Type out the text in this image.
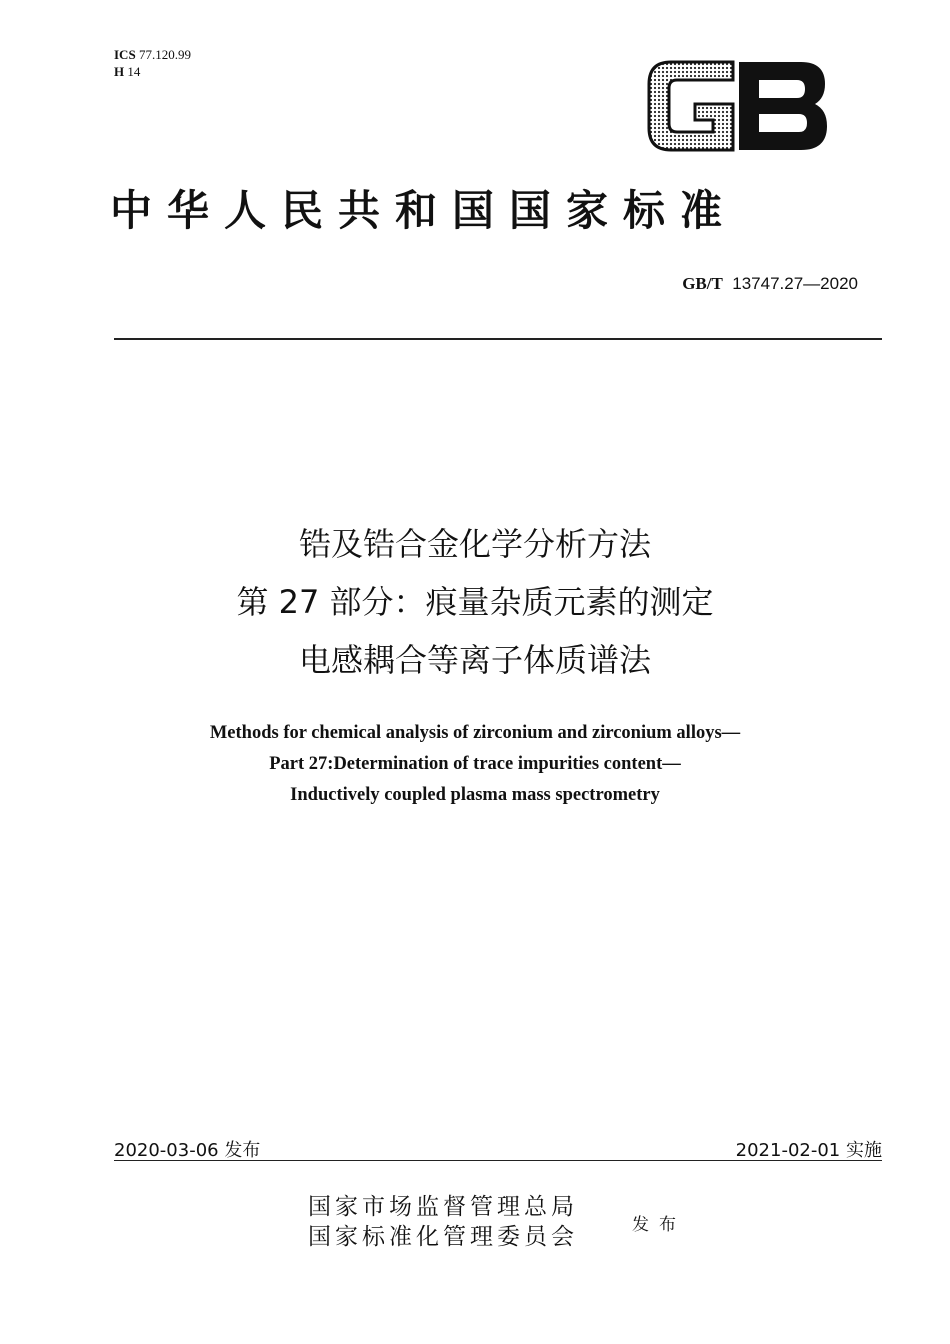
ICS 77.120.99
H 14
中华人民共和国国家标准
GB/T 13747.27—2020
锆及锆合金化学分析方法
第 27 部分：痕量杂质元素的测定
电感耦合等离子体质谱法
Methods for chemical analysis of zirconium and zirconium alloys—
Part 27:Determination of trace impurities content—
Inductively coupled plasma mass spectrometry
2020-03-06 发布	2021-02-01 实施
国家市场监督管理总局
国家标准化管理委员会	发布
